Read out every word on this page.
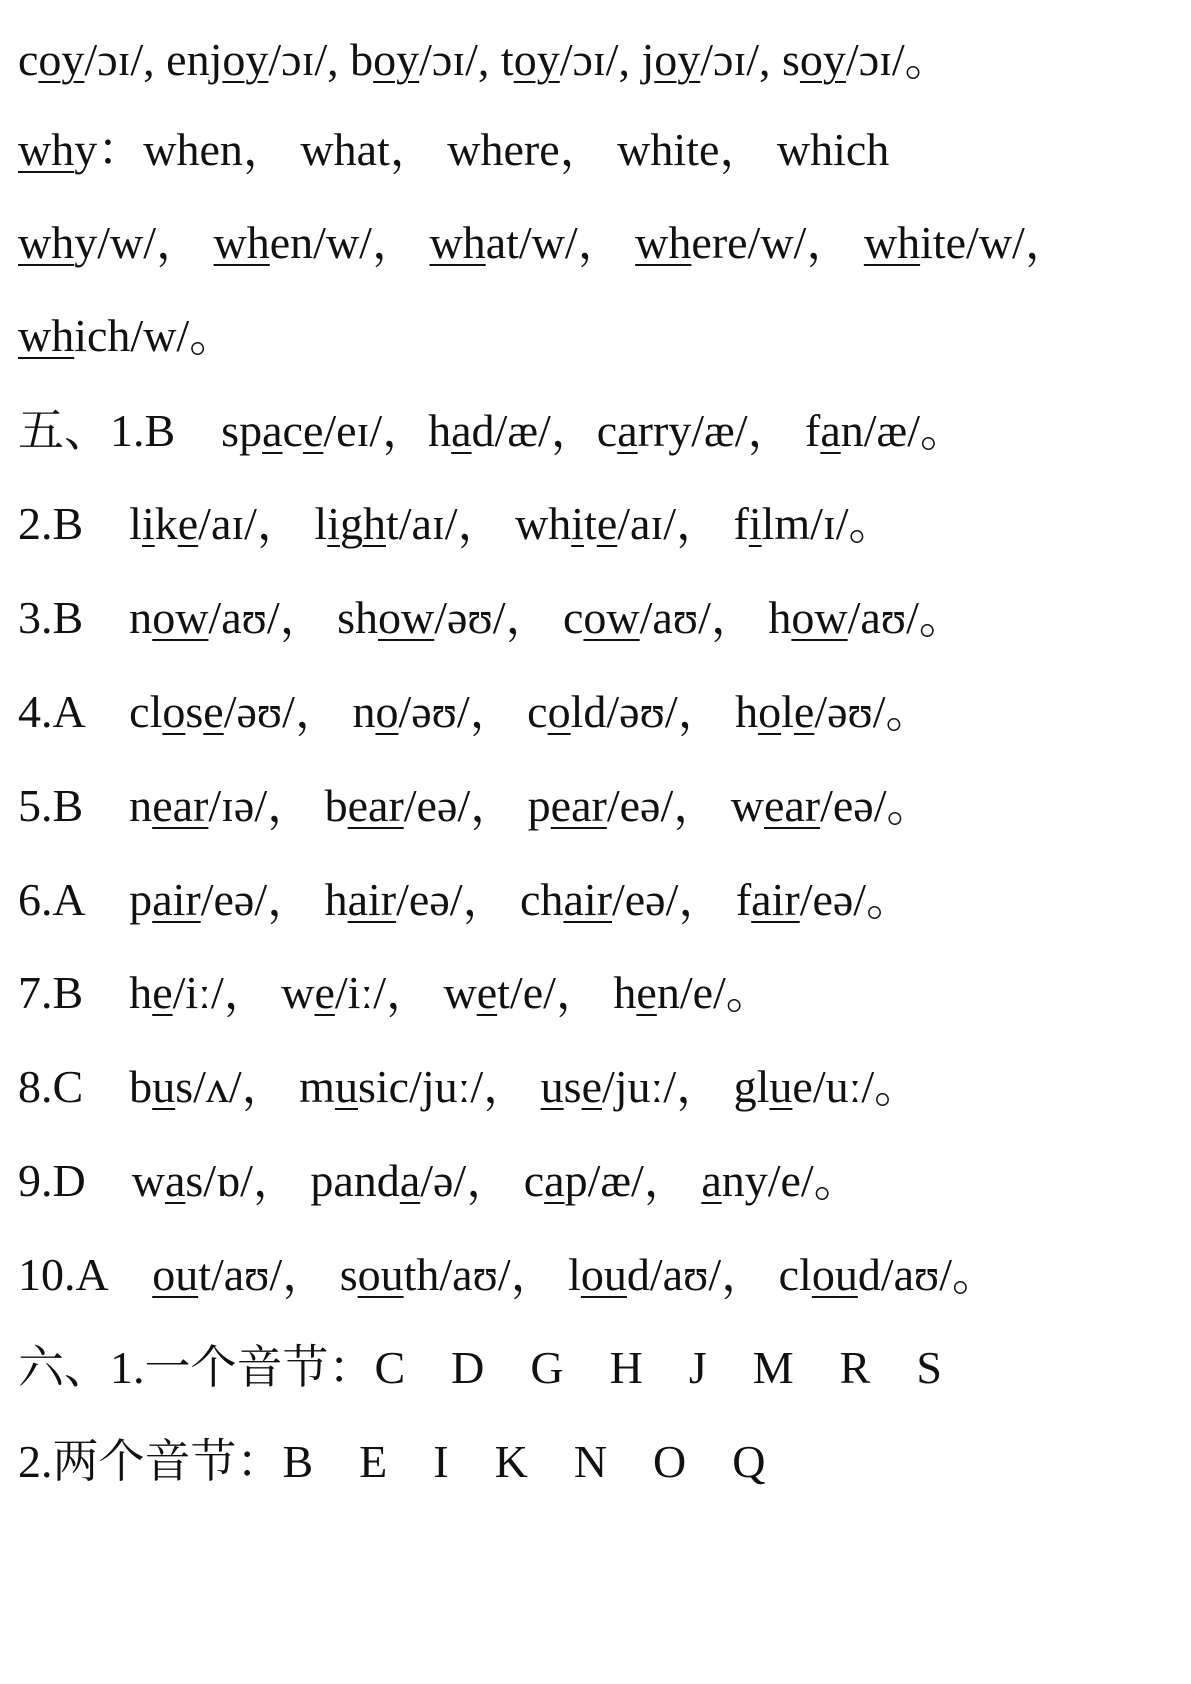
coy/ɔɪ/, enjoy/ɔɪ/, boy/ɔɪ/, toy/ɔɪ/, joy/ɔɪ/, soy/ɔɪ/。
why：when， what， where， white， which
why/w/， when/w/， what/w/， where/w/， white/w/，
which/w/。
五、1.B    space/eɪ/，had/æ/，carry/æ/， fan/æ/。
2.B    like/aɪ/， light/aɪ/， white/aɪ/， film/ɪ/。
3.B    now/aʊ/， show/əʊ/， cow/aʊ/， how/aʊ/。
4.A    close/əʊ/， no/əʊ/， cold/əʊ/， hole/əʊ/。
5.B    near/ɪə/， bear/eə/， pear/eə/， wear/eə/。
6.A    pair/eə/， hair/eə/， chair/eə/， fair/eə/。
7.B    he/iː/， we/iː/， wet/e/， hen/e/。
8.C    bus/ʌ/， music/juː/， use/juː/， glue/uː/。
9.D    was/ɒ/， panda/ə/， cap/æ/， any/e/。
10.A    out/aʊ/， south/aʊ/， loud/aʊ/， cloud/aʊ/。
六、1.一个音节：C    D    G    H    J    M    R    S
2.两个音节：B    E    I    K    N    O    Q
